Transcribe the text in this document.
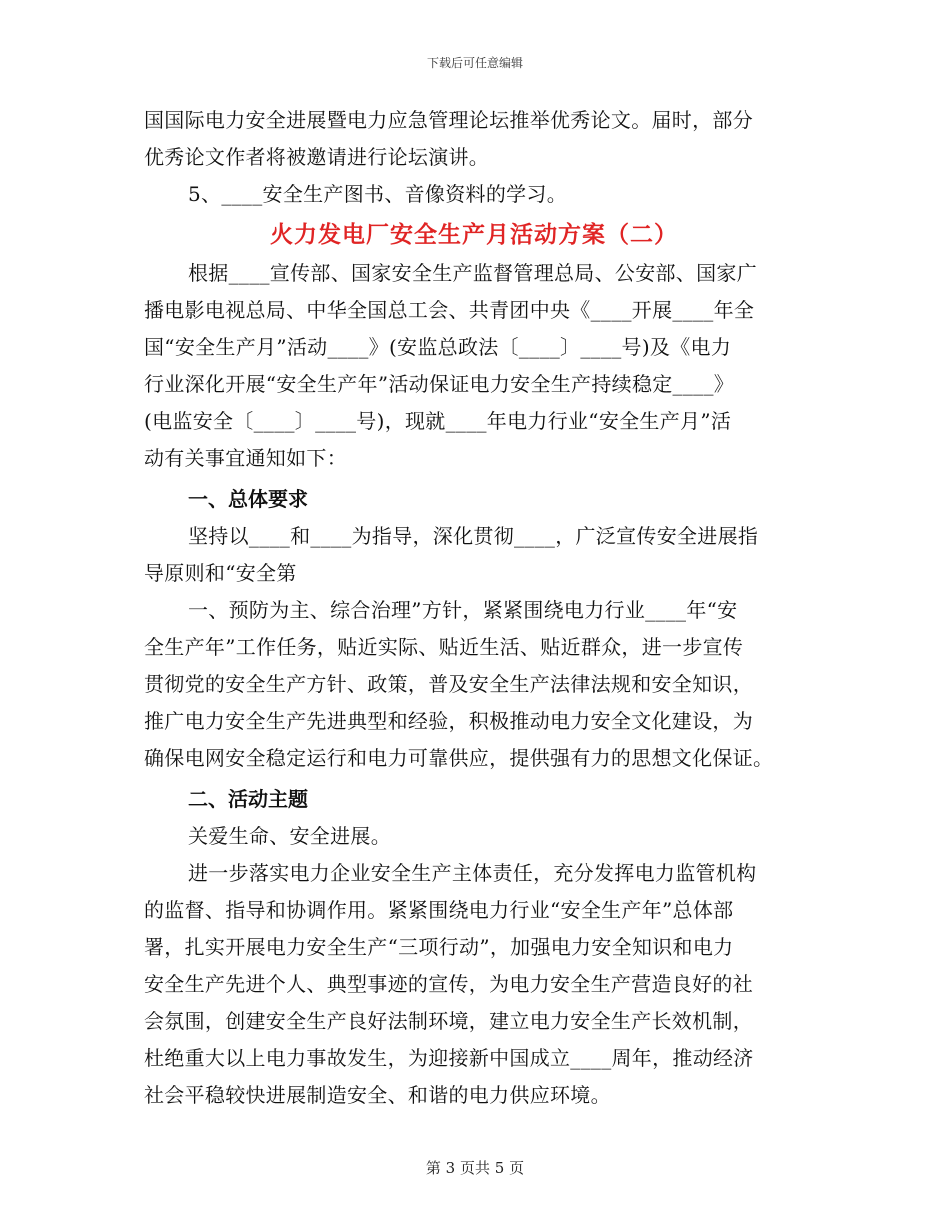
下载后可任意编辑
国国际电力安全进展暨电力应急管理论坛推举优秀论文。届时，部分
优秀论文作者将被邀请进行论坛演讲。
5、____安全生产图书、音像资料的学习。
火力发电厂安全生产月活动方案（二）
根据____宣传部、国家安全生产监督管理总局、公安部、国家广
播电影电视总局、中华全国总工会、共青团中央《____开展____年全
国“安全生产月”活动____》(安监总政法〔____〕____号)及《电力
行业深化开展“安全生产年”活动保证电力安全生产持续稳定____》
(电监安全〔____〕____号)，现就____年电力行业“安全生产月”活
动有关事宜通知如下：
一、总体要求
坚持以____和____为指导，深化贯彻____，广泛宣传安全进展指
导原则和“安全第
一、预防为主、综合治理”方针，紧紧围绕电力行业____年“安
全生产年”工作任务，贴近实际、贴近生活、贴近群众，进一步宣传
贯彻党的安全生产方针、政策，普及安全生产法律法规和安全知识，
推广电力安全生产先进典型和经验，积极推动电力安全文化建设，为
确保电网安全稳定运行和电力可靠供应，提供强有力的思想文化保证。
二、活动主题
关爱生命、安全进展。
进一步落实电力企业安全生产主体责任，充分发挥电力监管机构
的监督、指导和协调作用。紧紧围绕电力行业“安全生产年”总体部
署，扎实开展电力安全生产“三项行动”，加强电力安全知识和电力
安全生产先进个人、典型事迹的宣传，为电力安全生产营造良好的社
会氛围，创建安全生产良好法制环境，建立电力安全生产长效机制，
杜绝重大以上电力事故发生，为迎接新中国成立____周年，推动经济
社会平稳较快进展制造安全、和谐的电力供应环境。
第 3 页共 5 页
